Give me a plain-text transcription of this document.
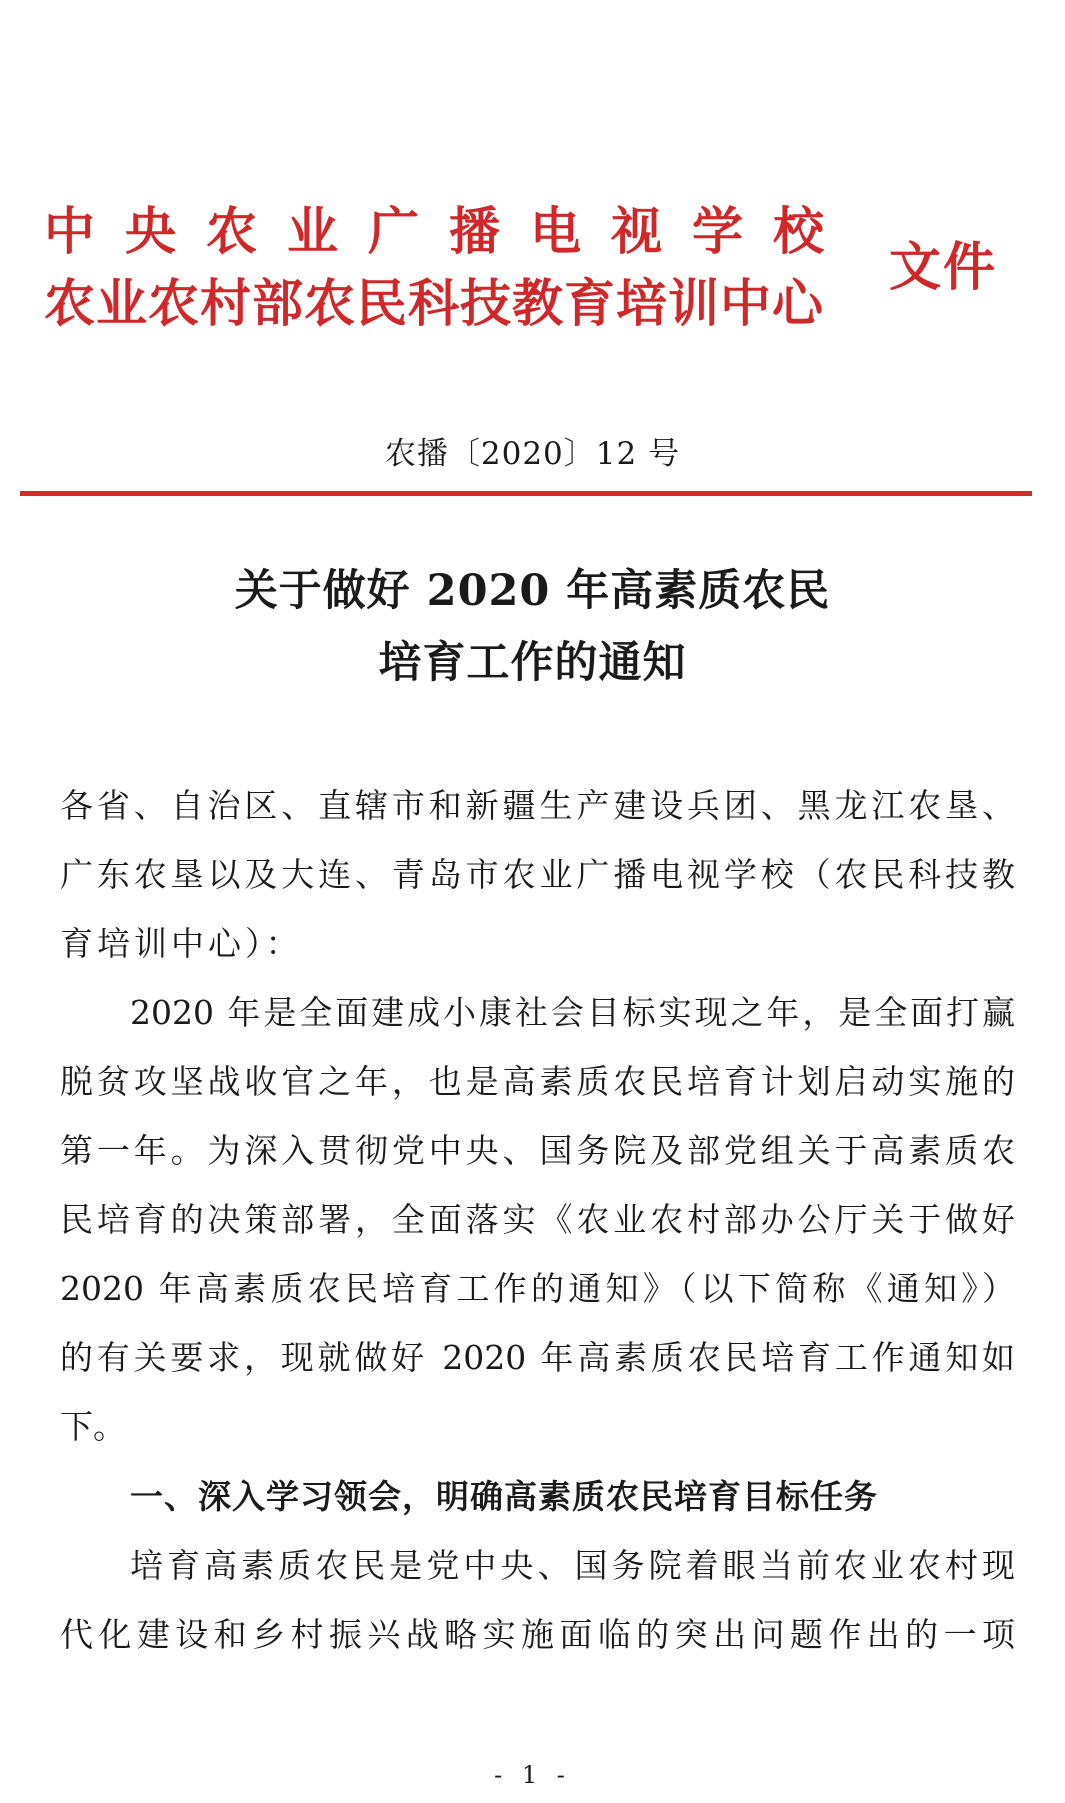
中央农业广播电视学校
农业农村部农民科技教育培训中心
文件
农播〔2020〕12 号
关于做好 2020 年高素质农民
培育工作的通知
各省、自治区、直辖市和新疆生产建设兵团、黑龙江农垦、
广东农垦以及大连、青岛市农业广播电视学校（农民科技教
育培训中心）：
2020 年是全面建成小康社会目标实现之年，是全面打赢
脱贫攻坚战收官之年，也是高素质农民培育计划启动实施的
第一年。为深入贯彻党中央、国务院及部党组关于高素质农
民培育的决策部署，全面落实《农业农村部办公厅关于做好
2020 年高素质农民培育工作的通知》（以下简称《通知》）
的有关要求，现就做好 2020 年高素质农民培育工作通知如
下。
一、深入学习领会，明确高素质农民培育目标任务
培育高素质农民是党中央、国务院着眼当前农业农村现
代化建设和乡村振兴战略实施面临的突出问题作出的一项
- 1 -
